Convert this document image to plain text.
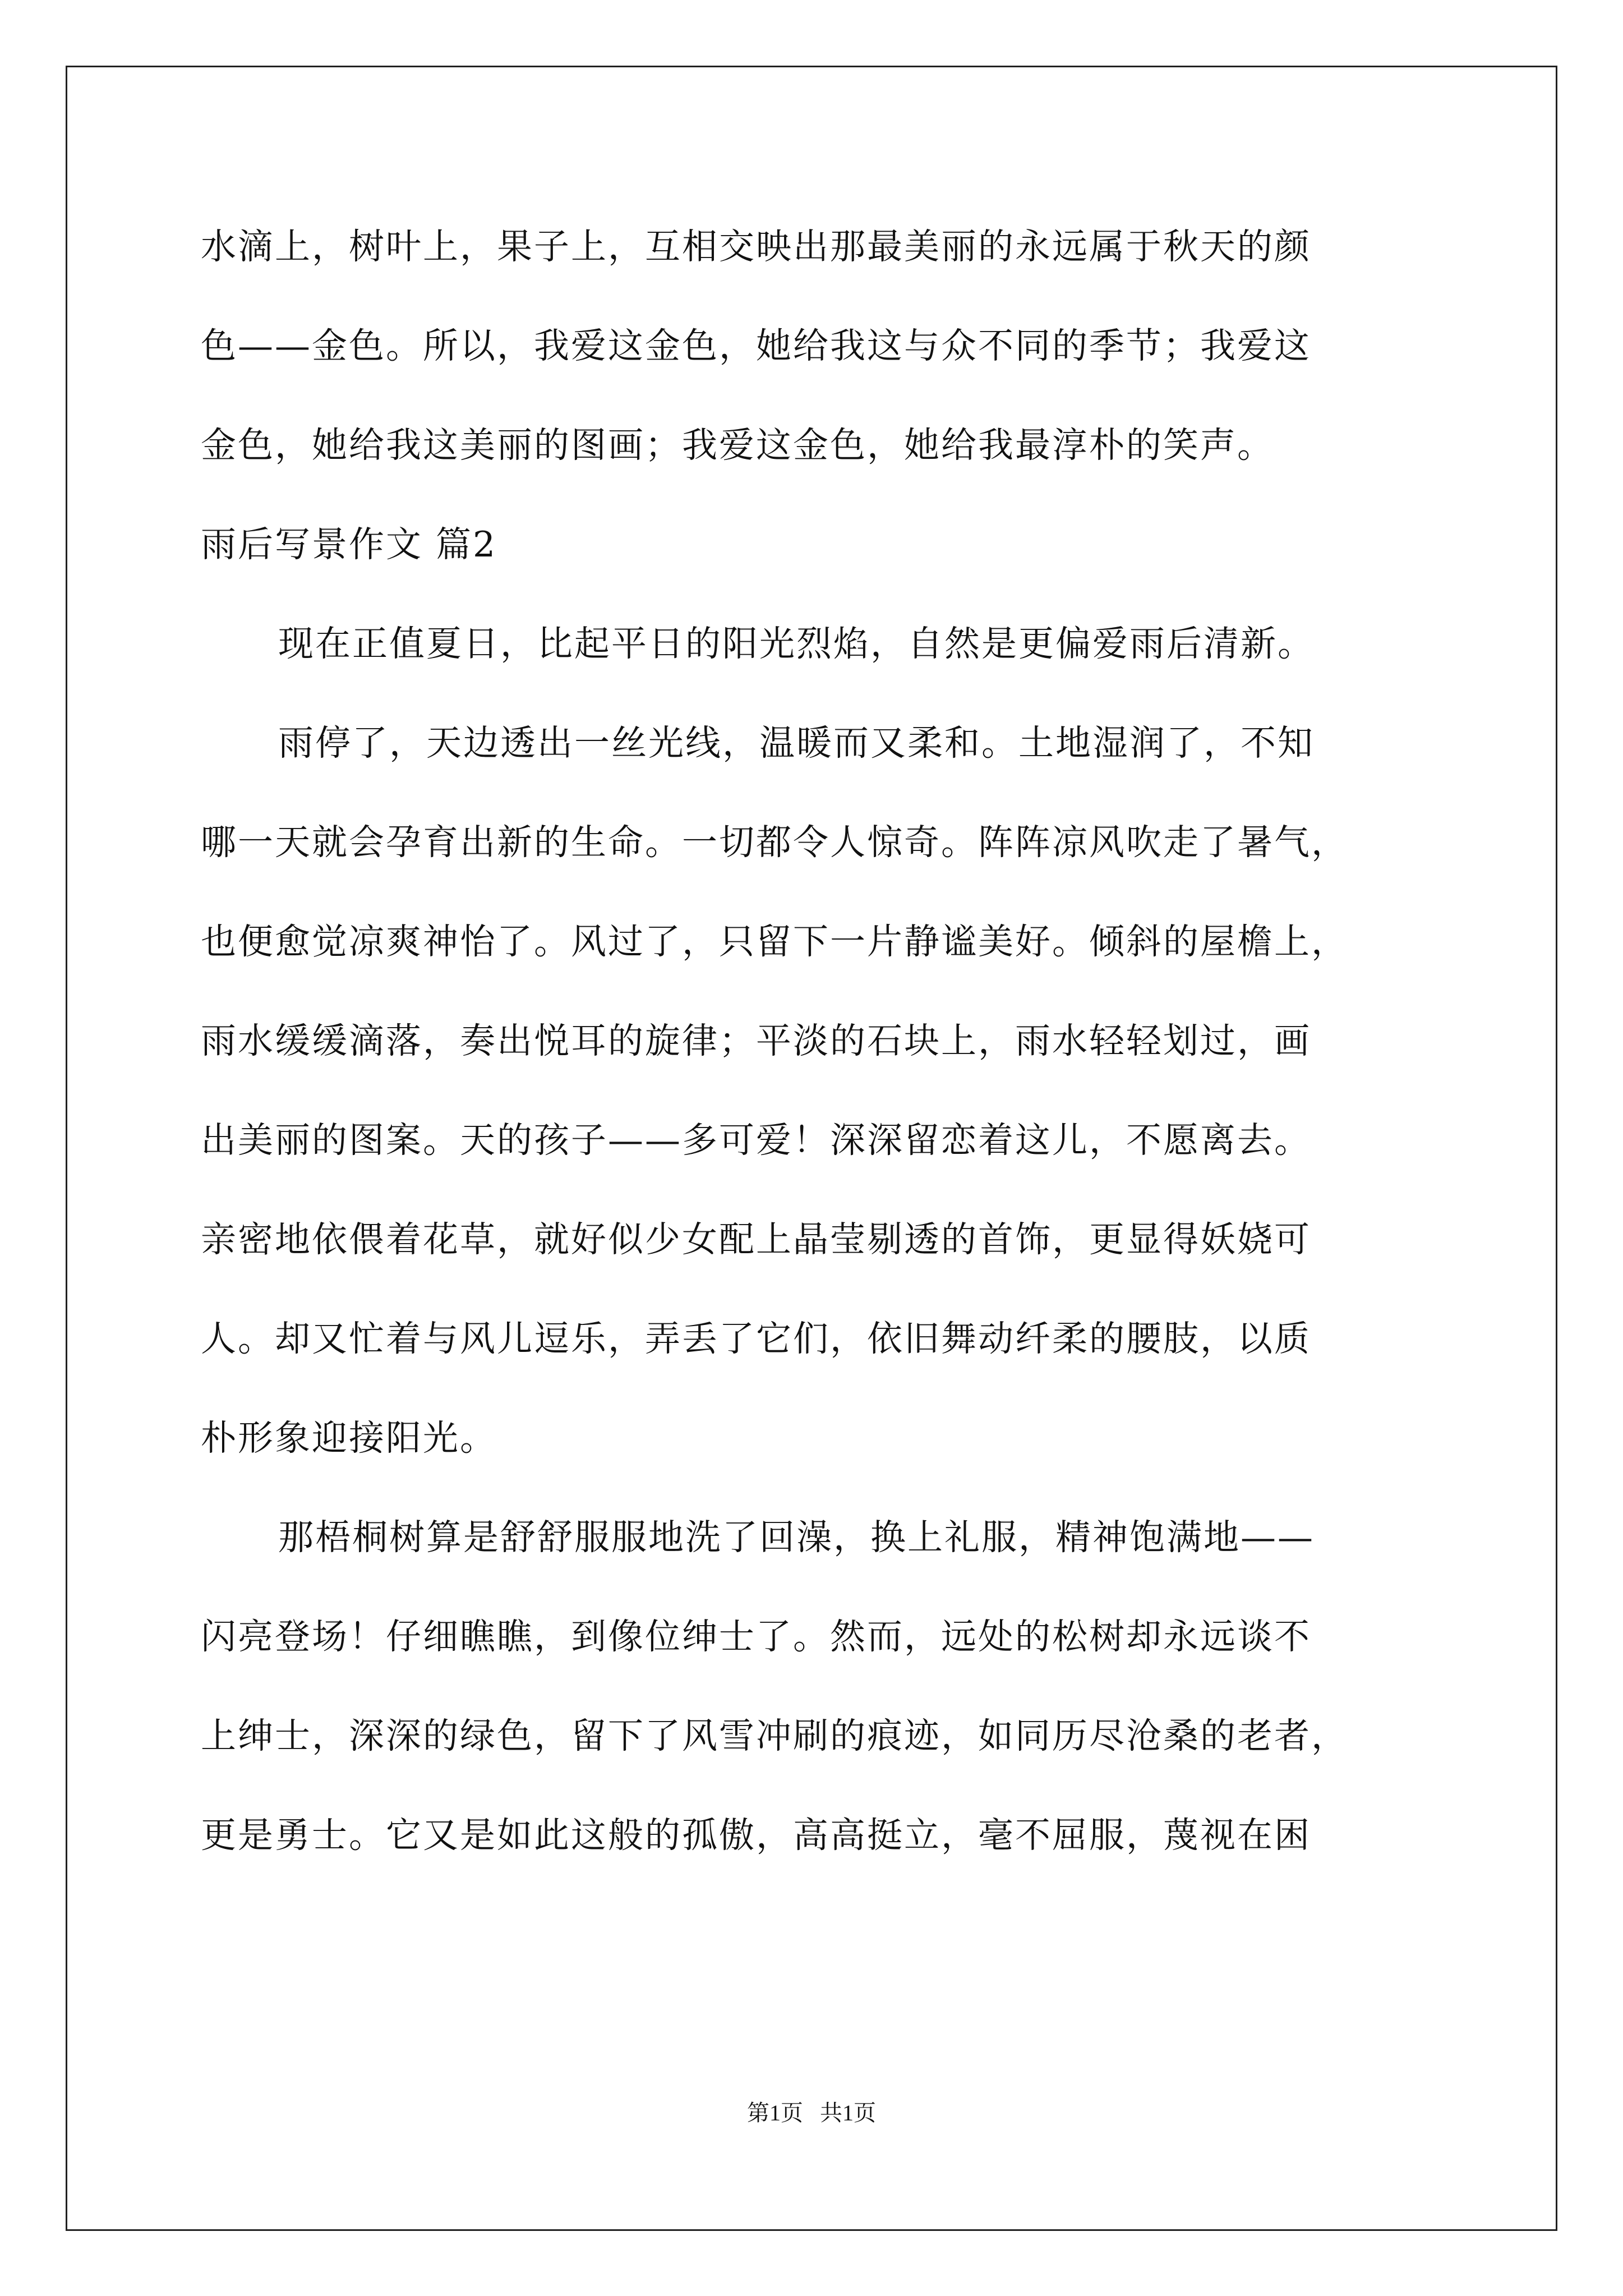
水滴上，树叶上，果子上，互相交映出那最美丽的永远属于秋天的颜
色——金色。所以，我爱这金色，她给我这与众不同的季节；我爱这
金色，她给我这美丽的图画；我爱这金色，她给我最淳朴的笑声。
雨后写景作文 篇2
现在正值夏日，比起平日的阳光烈焰，自然是更偏爱雨后清新。
雨停了，天边透出一丝光线，温暖而又柔和。土地湿润了，不知
哪一天就会孕育出新的生命。一切都令人惊奇。阵阵凉风吹走了暑气，
也便愈觉凉爽神怡了。风过了，只留下一片静谧美好。倾斜的屋檐上，
雨水缓缓滴落，奏出悦耳的旋律；平淡的石块上，雨水轻轻划过，画
出美丽的图案。天的孩子——多可爱！深深留恋着这儿，不愿离去。
亲密地依偎着花草，就好似少女配上晶莹剔透的首饰，更显得妖娆可
人。却又忙着与风儿逗乐，弄丢了它们，依旧舞动纤柔的腰肢，以质
朴形象迎接阳光。
那梧桐树算是舒舒服服地洗了回澡，换上礼服，精神饱满地——
闪亮登场！仔细瞧瞧，到像位绅士了。然而，远处的松树却永远谈不
上绅士，深深的绿色，留下了风雪冲刷的痕迹，如同历尽沧桑的老者，
更是勇士。它又是如此这般的孤傲，高高挺立，毫不屈服，蔑视在困
第1页   共1页
